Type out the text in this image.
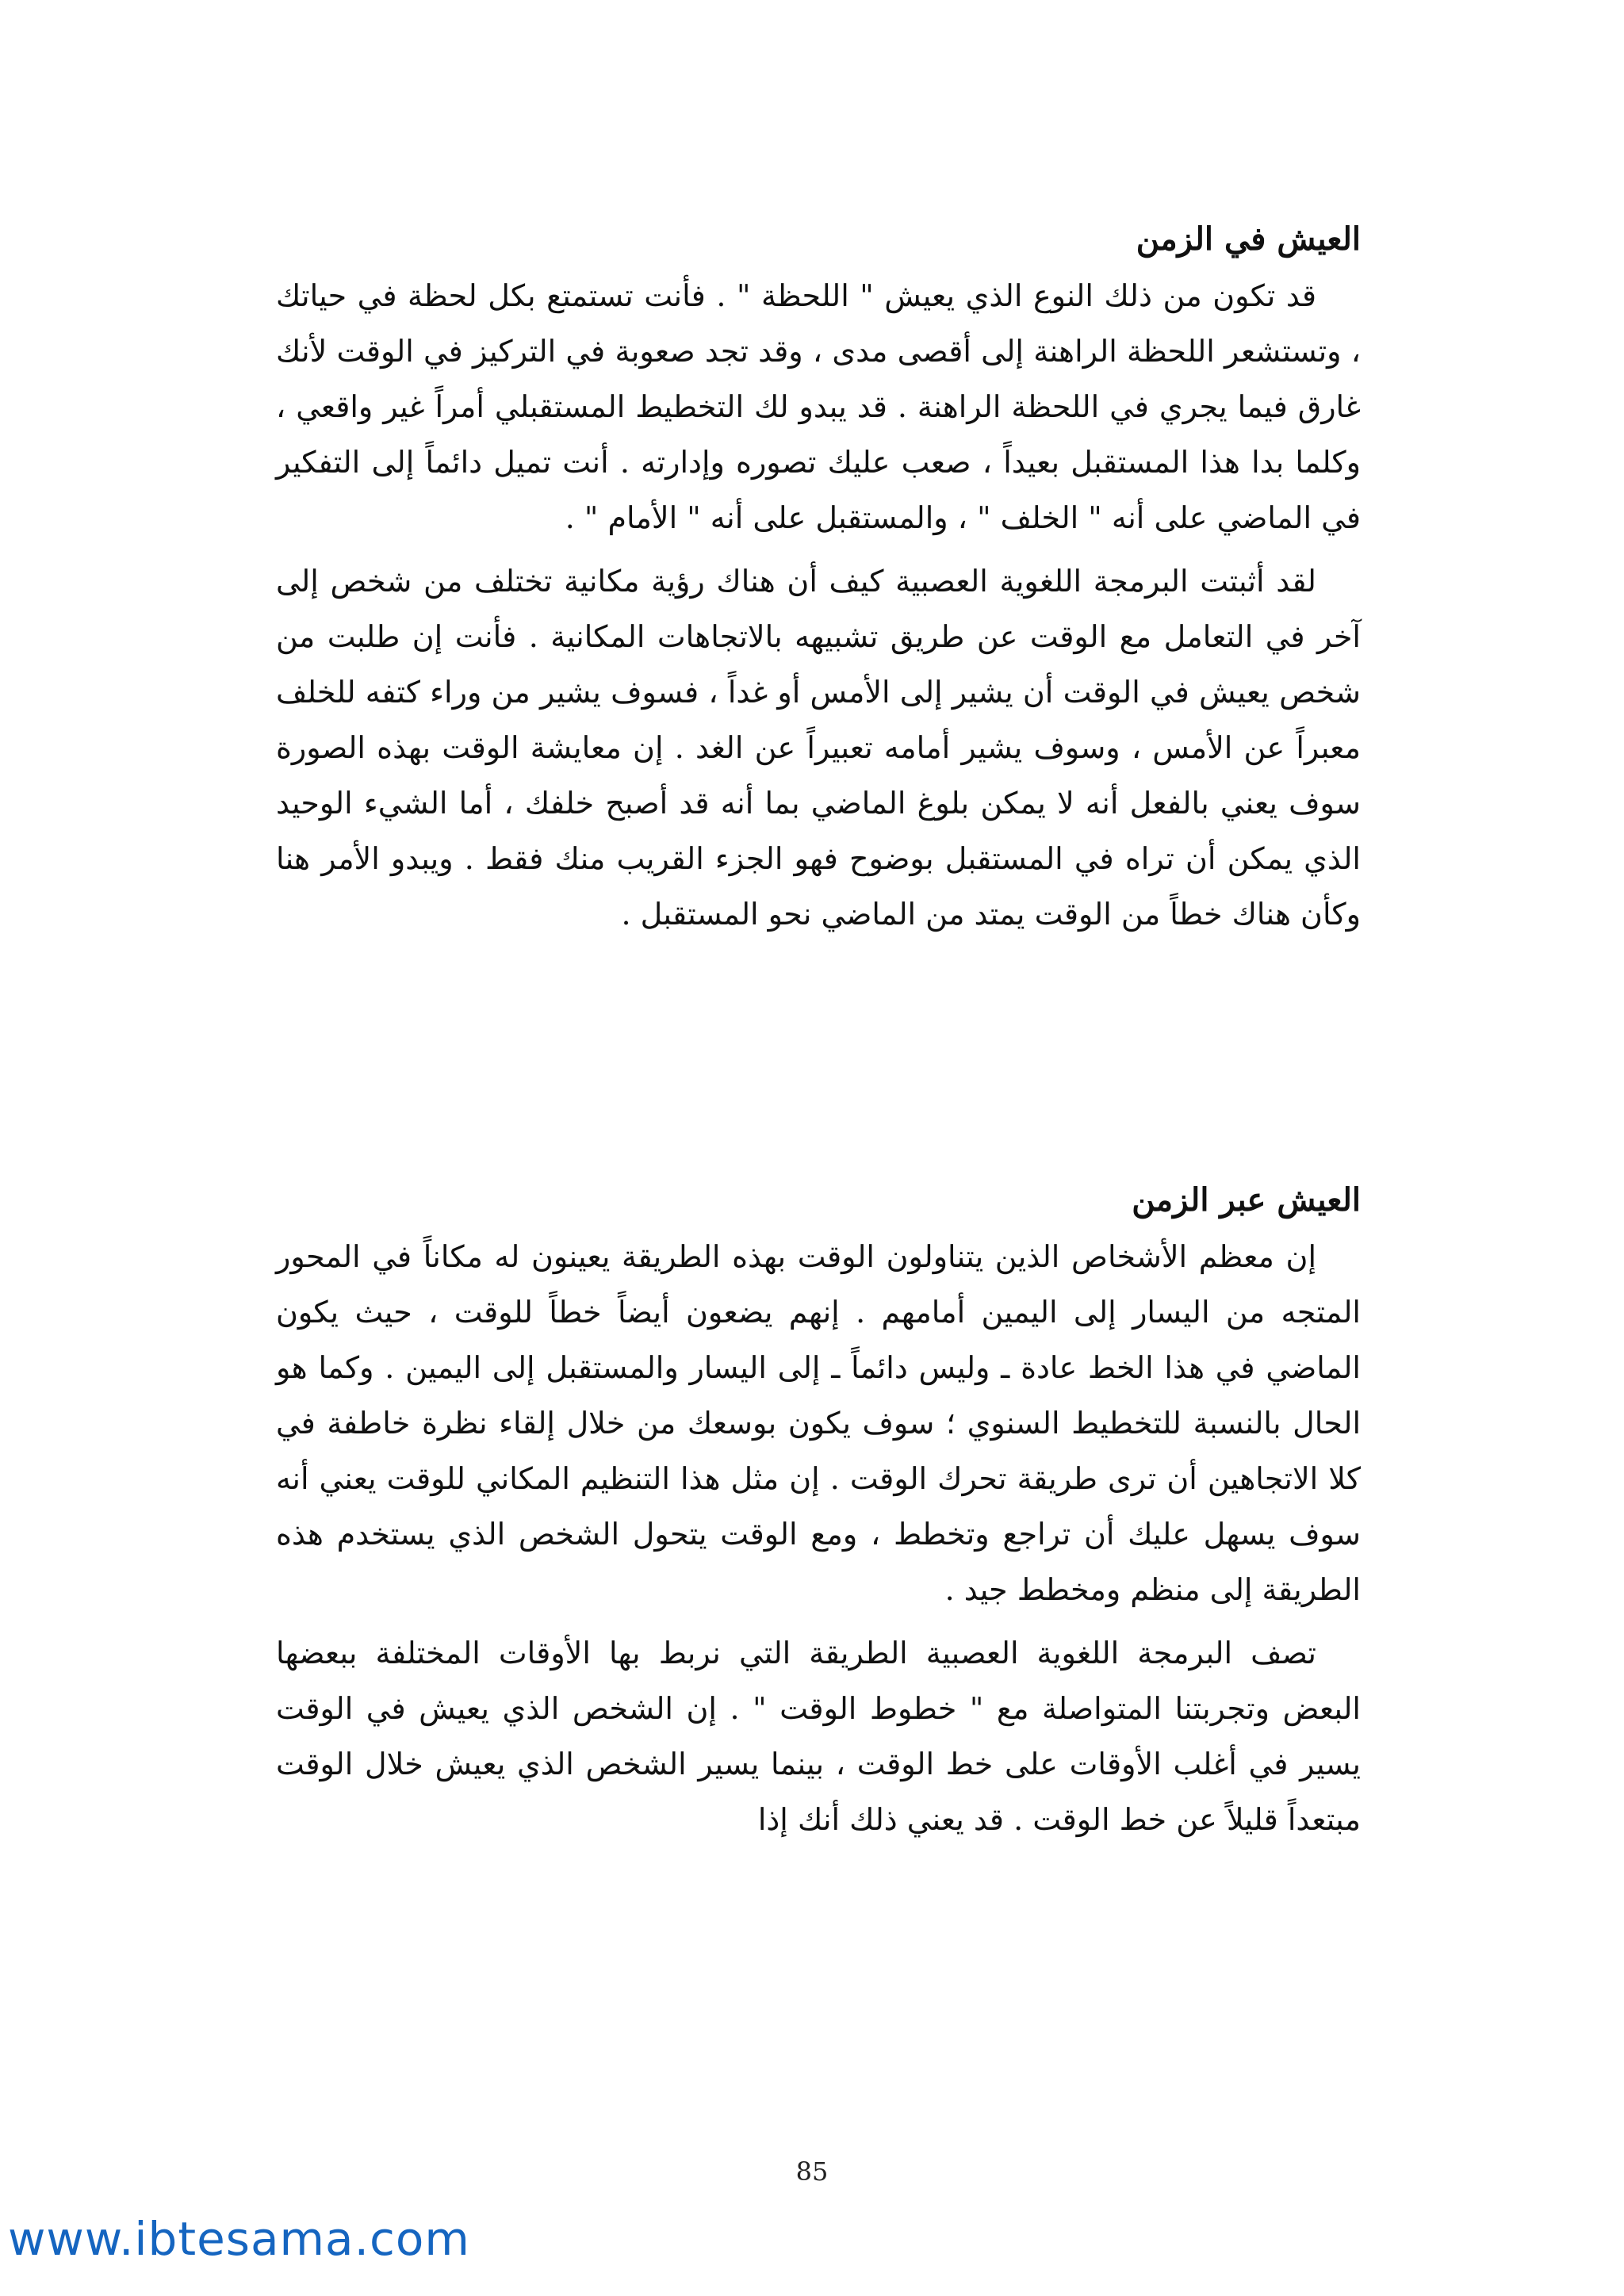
العيش في الزمن

قد تكون من ذلك النوع الذي يعيش " اللحظة " . فأنت تستمتع بكل لحظة في حياتك ، وتستشعر اللحظة الراهنة إلى أقصى مدى ، وقد تجد صعوبة في التركيز في الوقت لأنك غارق فيما يجري في اللحظة الراهنة . قد يبدو لك التخطيط المستقبلي أمراً غير واقعي ، وكلما بدا هذا المستقبل بعيداً ، صعب عليك تصوره وإدارته . أنت تميل دائماً إلى التفكير في الماضي على أنه " الخلف " ، والمستقبل على أنه " الأمام " .

لقد أثبتت البرمجة اللغوية العصبية كيف أن هناك رؤية مكانية تختلف من شخص إلى آخر في التعامل مع الوقت عن طريق تشبيهه بالاتجاهات المكانية . فأنت إن طلبت من شخص يعيش في الوقت أن يشير إلى الأمس أو غداً ، فسوف يشير من وراء كتفه للخلف معبراً عن الأمس ، وسوف يشير أمامه تعبيراً عن الغد . إن معايشة الوقت بهذه الصورة سوف يعني بالفعل أنه لا يمكن بلوغ الماضي بما أنه قد أصبح خلفك ، أما الشيء الوحيد الذي يمكن أن تراه في المستقبل بوضوح فهو الجزء القريب منك فقط . ويبدو الأمر هنا وكأن هناك خطاً من الوقت يمتد من الماضي نحو المستقبل .

العيش عبر الزمن

إن معظم الأشخاص الذين يتناولون الوقت بهذه الطريقة يعينون له مكاناً في المحور المتجه من اليسار إلى اليمين أمامهم . إنهم يضعون أيضاً خطاً للوقت ، حيث يكون الماضي في هذا الخط عادة ـ وليس دائماً ـ إلى اليسار والمستقبل إلى اليمين . وكما هو الحال بالنسبة للتخطيط السنوي ؛ سوف يكون بوسعك من خلال إلقاء نظرة خاطفة في كلا الاتجاهين أن ترى طريقة تحرك الوقت . إن مثل هذا التنظيم المكاني للوقت يعني أنه سوف يسهل عليك أن تراجع وتخطط ، ومع الوقت يتحول الشخص الذي يستخدم هذه الطريقة إلى منظم ومخطط جيد .

تصف البرمجة اللغوية العصبية الطريقة التي نربط بها الأوقات المختلفة ببعضها البعض وتجربتنا المتواصلة مع " خطوط الوقت " . إن الشخص الذي يعيش في الوقت يسير في أغلب الأوقات على خط الوقت ، بينما يسير الشخص الذي يعيش خلال الوقت مبتعداً قليلاً عن خط الوقت . قد يعني ذلك أنك إذا

85
www.ibtesama.com
